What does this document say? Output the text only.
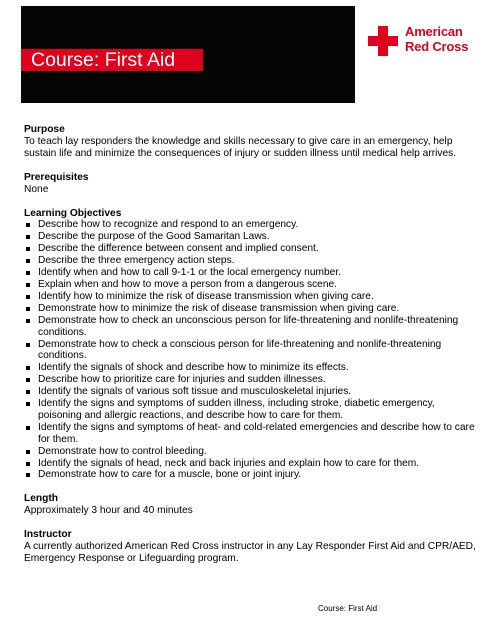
Course: First Aid
American
Red Cross
Purpose
To teach lay responders the knowledge and skills necessary to give care in an emergency, help sustain life and minimize the consequences of injury or sudden illness until medical help arrives.
Prerequisites
None
Learning Objectives
Describe how to recognize and respond to an emergency.
Describe the purpose of the Good Samaritan Laws.
Describe the difference between consent and implied consent.
Describe the three emergency action steps.
Identify when and how to call 9-1-1 or the local emergency number.
Explain when and how to move a person from a dangerous scene.
Identify how to minimize the risk of disease transmission when giving care.
Demonstrate how to minimize the risk of disease transmission when giving care.
Demonstrate how to check an unconscious person for life-threatening and nonlife-threatening conditions.
Demonstrate how to check a conscious person for life-threatening and nonlife-threatening conditions.
Identify the signals of shock and describe how to minimize its effects.
Describe how to prioritize care for injuries and sudden illnesses.
Identify the signals of various soft tissue and musculoskeletal injuries.
Identify the signs and symptoms of sudden illness, including stroke, diabetic emergency, poisoning and allergic reactions, and describe how to care for them.
Identify the signs and symptoms of heat- and cold-related emergencies and describe how to care for them.
Demonstrate how to control bleeding.
Identify the signals of head, neck and back injuries and explain how to care for them.
Demonstrate how to care for a muscle, bone or joint injury.
Length
Approximately 3 hour and 40 minutes
Instructor
A currently authorized American Red Cross instructor in any Lay Responder First Aid and CPR/AED, Emergency Response or Lifeguarding program.
Course: First Aid
